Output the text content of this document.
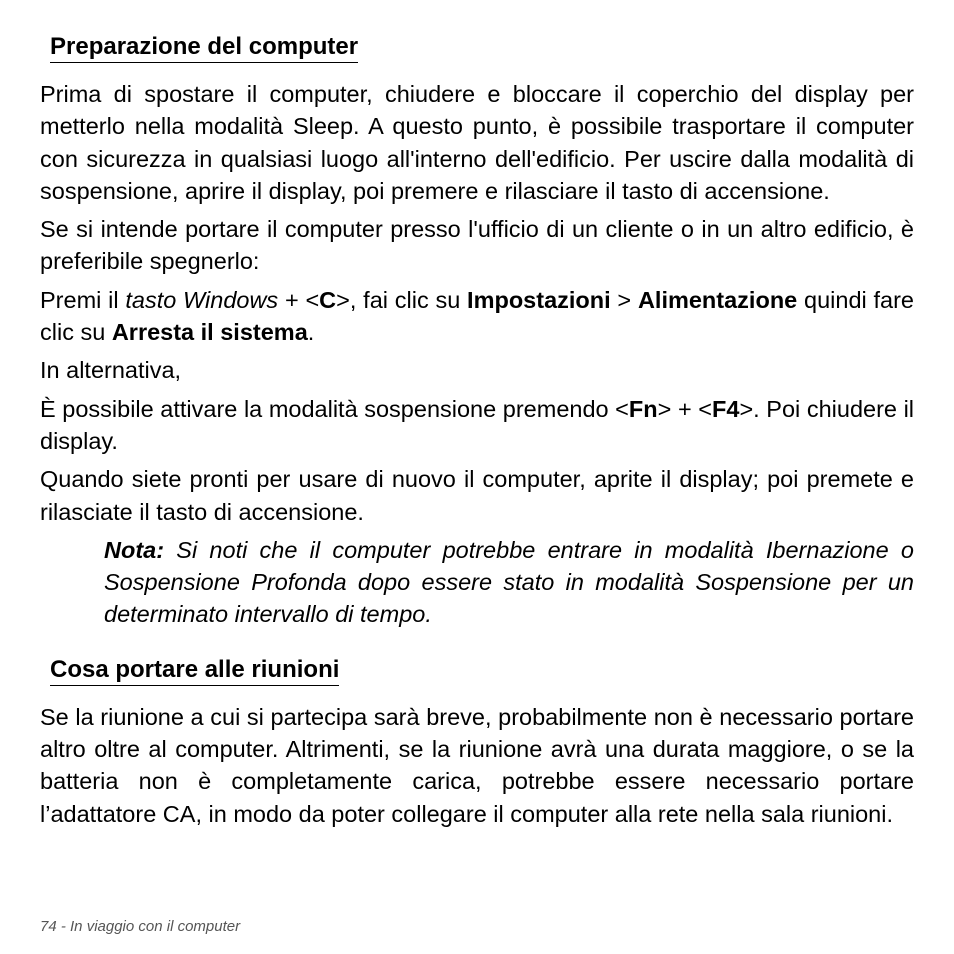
Preparazione del computer

Prima di spostare il computer, chiudere e bloccare il coperchio del display per metterlo nella modalità Sleep. A questo punto, è possibile trasportare il computer con sicurezza in qualsiasi luogo all'interno dell'edificio. Per uscire dalla modalità di sospensione, aprire il display, poi premere e rilasciare il tasto di accensione.

Se si intende portare il computer presso l'ufficio di un cliente o in un altro edificio, è preferibile spegnerlo:

Premi il tasto Windows + <C>, fai clic su Impostazioni > Alimentazione quindi fare clic su Arresta il sistema.

In alternativa,

È possibile attivare la modalità sospensione premendo <Fn> + <F4>. Poi chiudere il display.

Quando siete pronti per usare di nuovo il computer, aprite il display; poi premete e rilasciate il tasto di accensione.

Nota: Si noti che il computer potrebbe entrare in modalità Ibernazione o Sospensione Profonda dopo essere stato in modalità Sospensione per un determinato intervallo di tempo.
Cosa portare alle riunioni

Se la riunione a cui si partecipa sarà breve, probabilmente non è necessario portare altro oltre al computer. Altrimenti, se la riunione avrà una durata maggiore, o se la batteria non è completamente carica, potrebbe essere necessario portare l’adattatore CA, in modo da poter collegare il computer alla rete nella sala riunioni.

74 - In viaggio con il computer
